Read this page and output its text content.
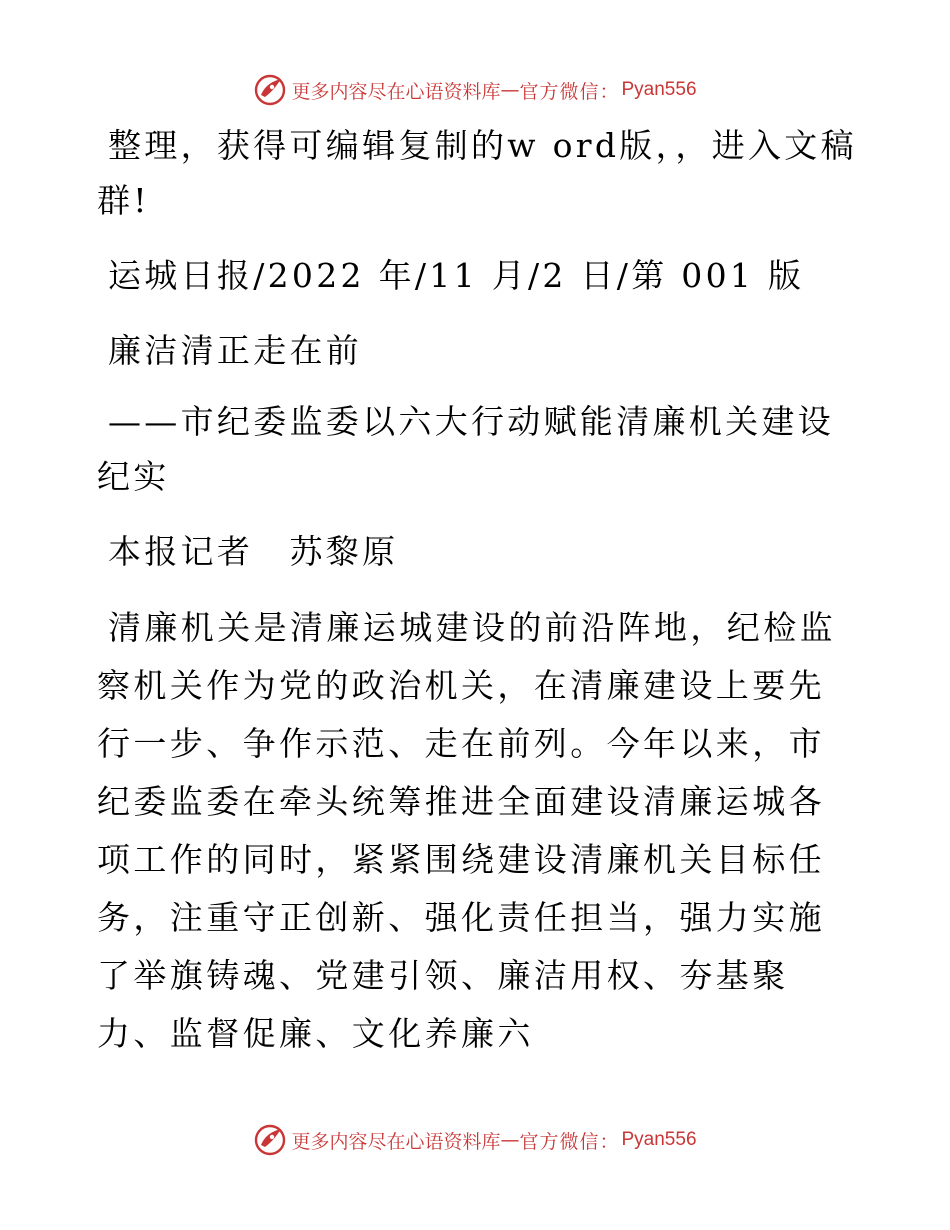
更多内容尽在心语资料库 — 官方微信： Pyan556

整理，获得可编辑复制的w ord版，，进入文稿群!

运城日报/2022 年/11 月/2 日/第 001 版

廉洁清正走在前

——市纪委监委以六大行动赋能清廉机关建设纪实

本报记者　苏黎原

清廉机关是清廉运城建设的前沿阵地，纪检监察机关作为党的政治机关，在清廉建设上要先行一步、争作示范、走在前列。今年以来，市纪委监委在牵头统筹推进全面建设清廉运城各项工作的同时，紧紧围绕建设清廉机关目标任务，注重守正创新、强化责任担当，强力实施了举旗铸魂、党建引领、廉洁用权、夯基聚力、监督促廉、文化养廉六

更多内容尽在心语资料库 — 官方微信： Pyan556
